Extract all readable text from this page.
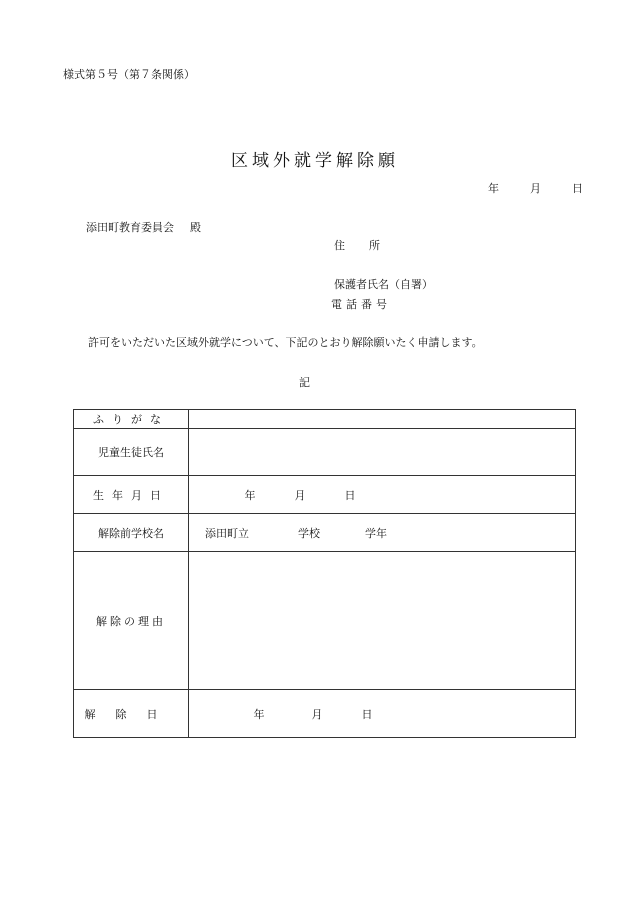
様式第５号（第７条関係）
区域外就学解除願
年	月	日
添田町教育委員会 殿
住所
保護者氏名（自署）
電話番号
許可をいただいた区域外就学について、下記のとおり解除願いたく申請します。
記
ふりがな	
児童生徒氏名	
生年月日	年 月 日
解除前学校名	添田町立 学校 学年
解除の理由	
解除日	年 月 日
